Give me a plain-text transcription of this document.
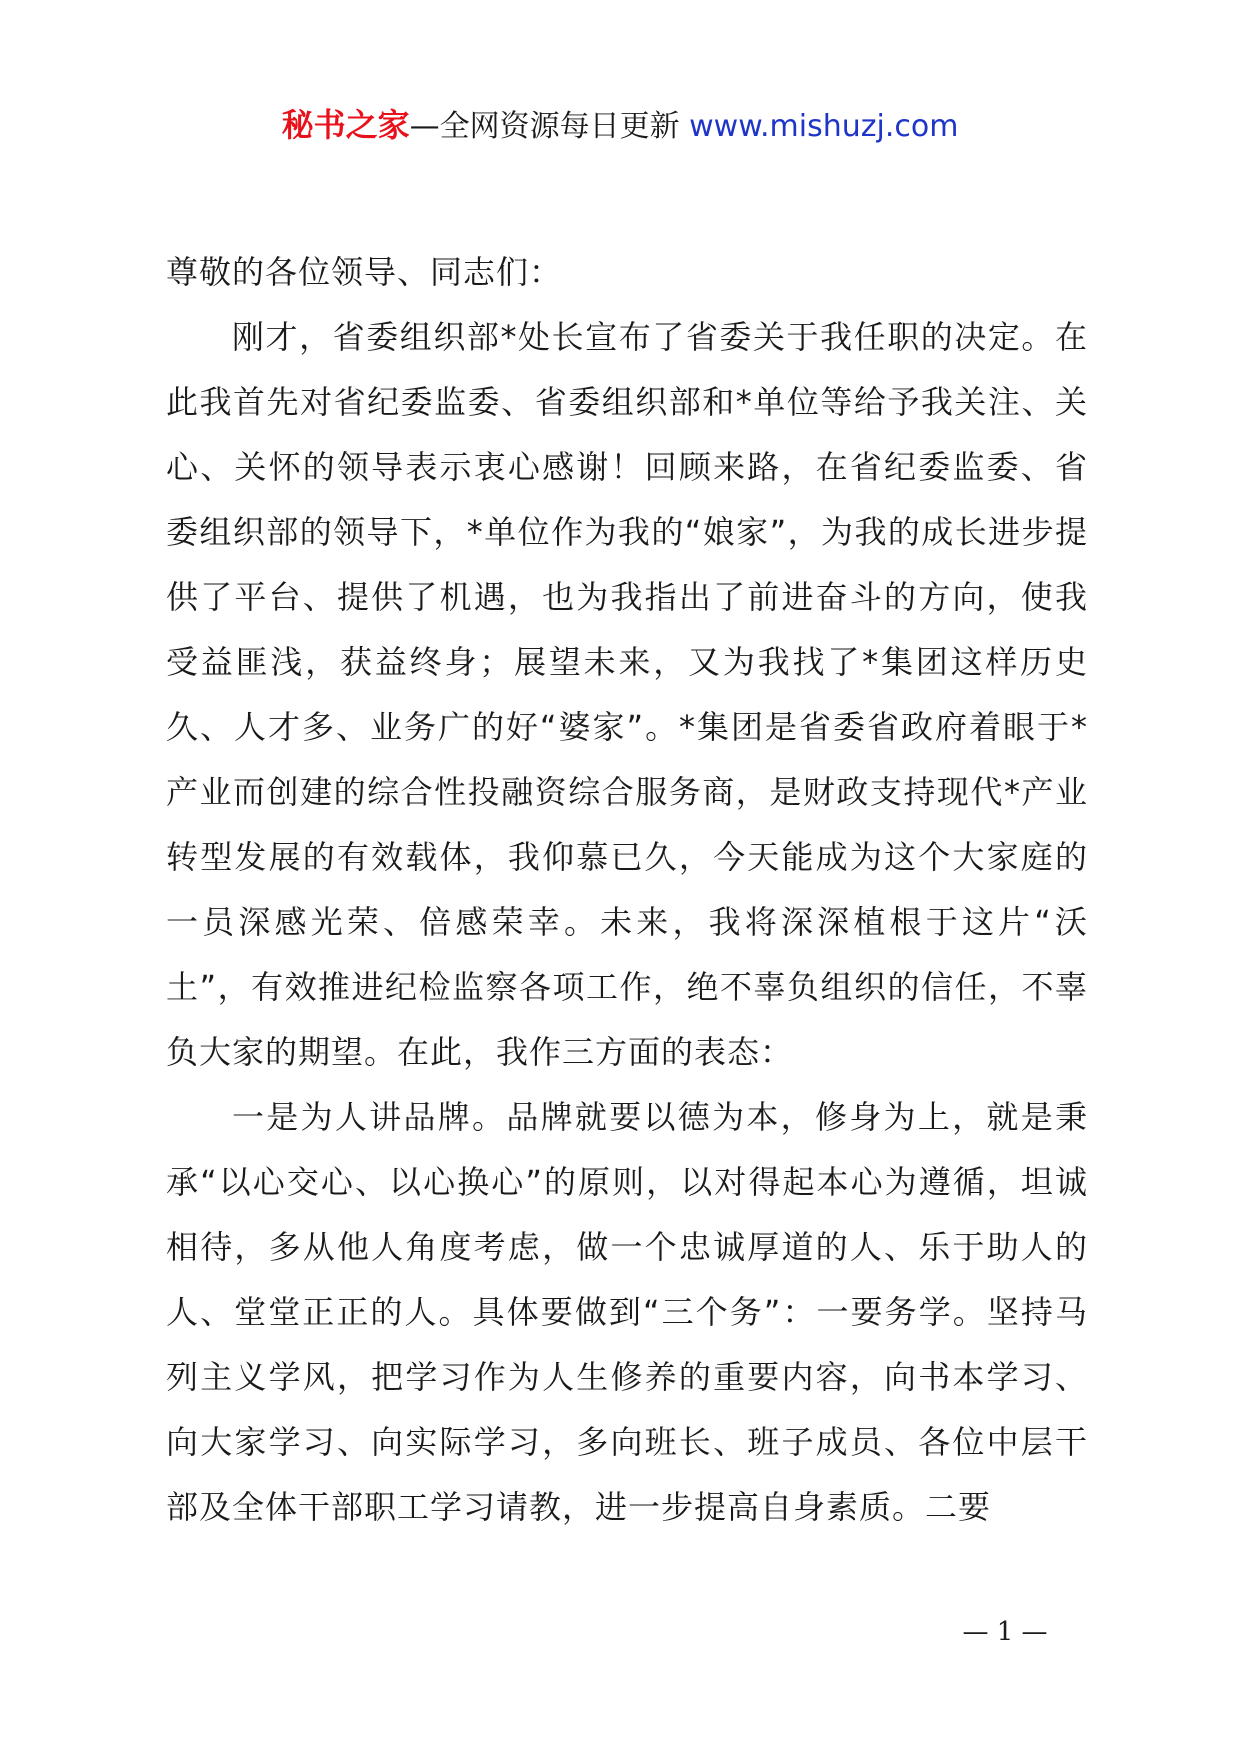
秘书之家—全网资源每日更新 www.mishuzj.com

尊敬的各位领导、同志们：

刚才，省委组织部*处长宣布了省委关于我任职的决定。在此我首先对省纪委监委、省委组织部和*单位等给予我关注、关心、关怀的领导表示衷心感谢！回顾来路，在省纪委监委、省委组织部的领导下，*单位作为我的“娘家”，为我的成长进步提供了平台、提供了机遇，也为我指出了前进奋斗的方向，使我受益匪浅，获益终身；展望未来，又为我找了*集团这样历史久、人才多、业务广的好“婆家”。*集团是省委省政府着眼于*产业而创建的综合性投融资综合服务商，是财政支持现代*产业转型发展的有效载体，我仰慕已久，今天能成为这个大家庭的一员深感光荣、倍感荣幸。未来，我将深深植根于这片“沃土”，有效推进纪检监察各项工作，绝不辜负组织的信任，不辜负大家的期望。在此，我作三方面的表态：

一是为人讲品牌。品牌就要以德为本，修身为上，就是秉承“以心交心、以心换心”的原则，以对得起本心为遵循，坦诚相待，多从他人角度考虑，做一个忠诚厚道的人、乐于助人的人、堂堂正正的人。具体要做到“三个务”：一要务学。坚持马列主义学风，把学习作为人生修养的重要内容，向书本学习、向大家学习、向实际学习，多向班长、班子成员、各位中层干部及全体干部职工学习请教，进一步提高自身素质。二要

— 1 —
